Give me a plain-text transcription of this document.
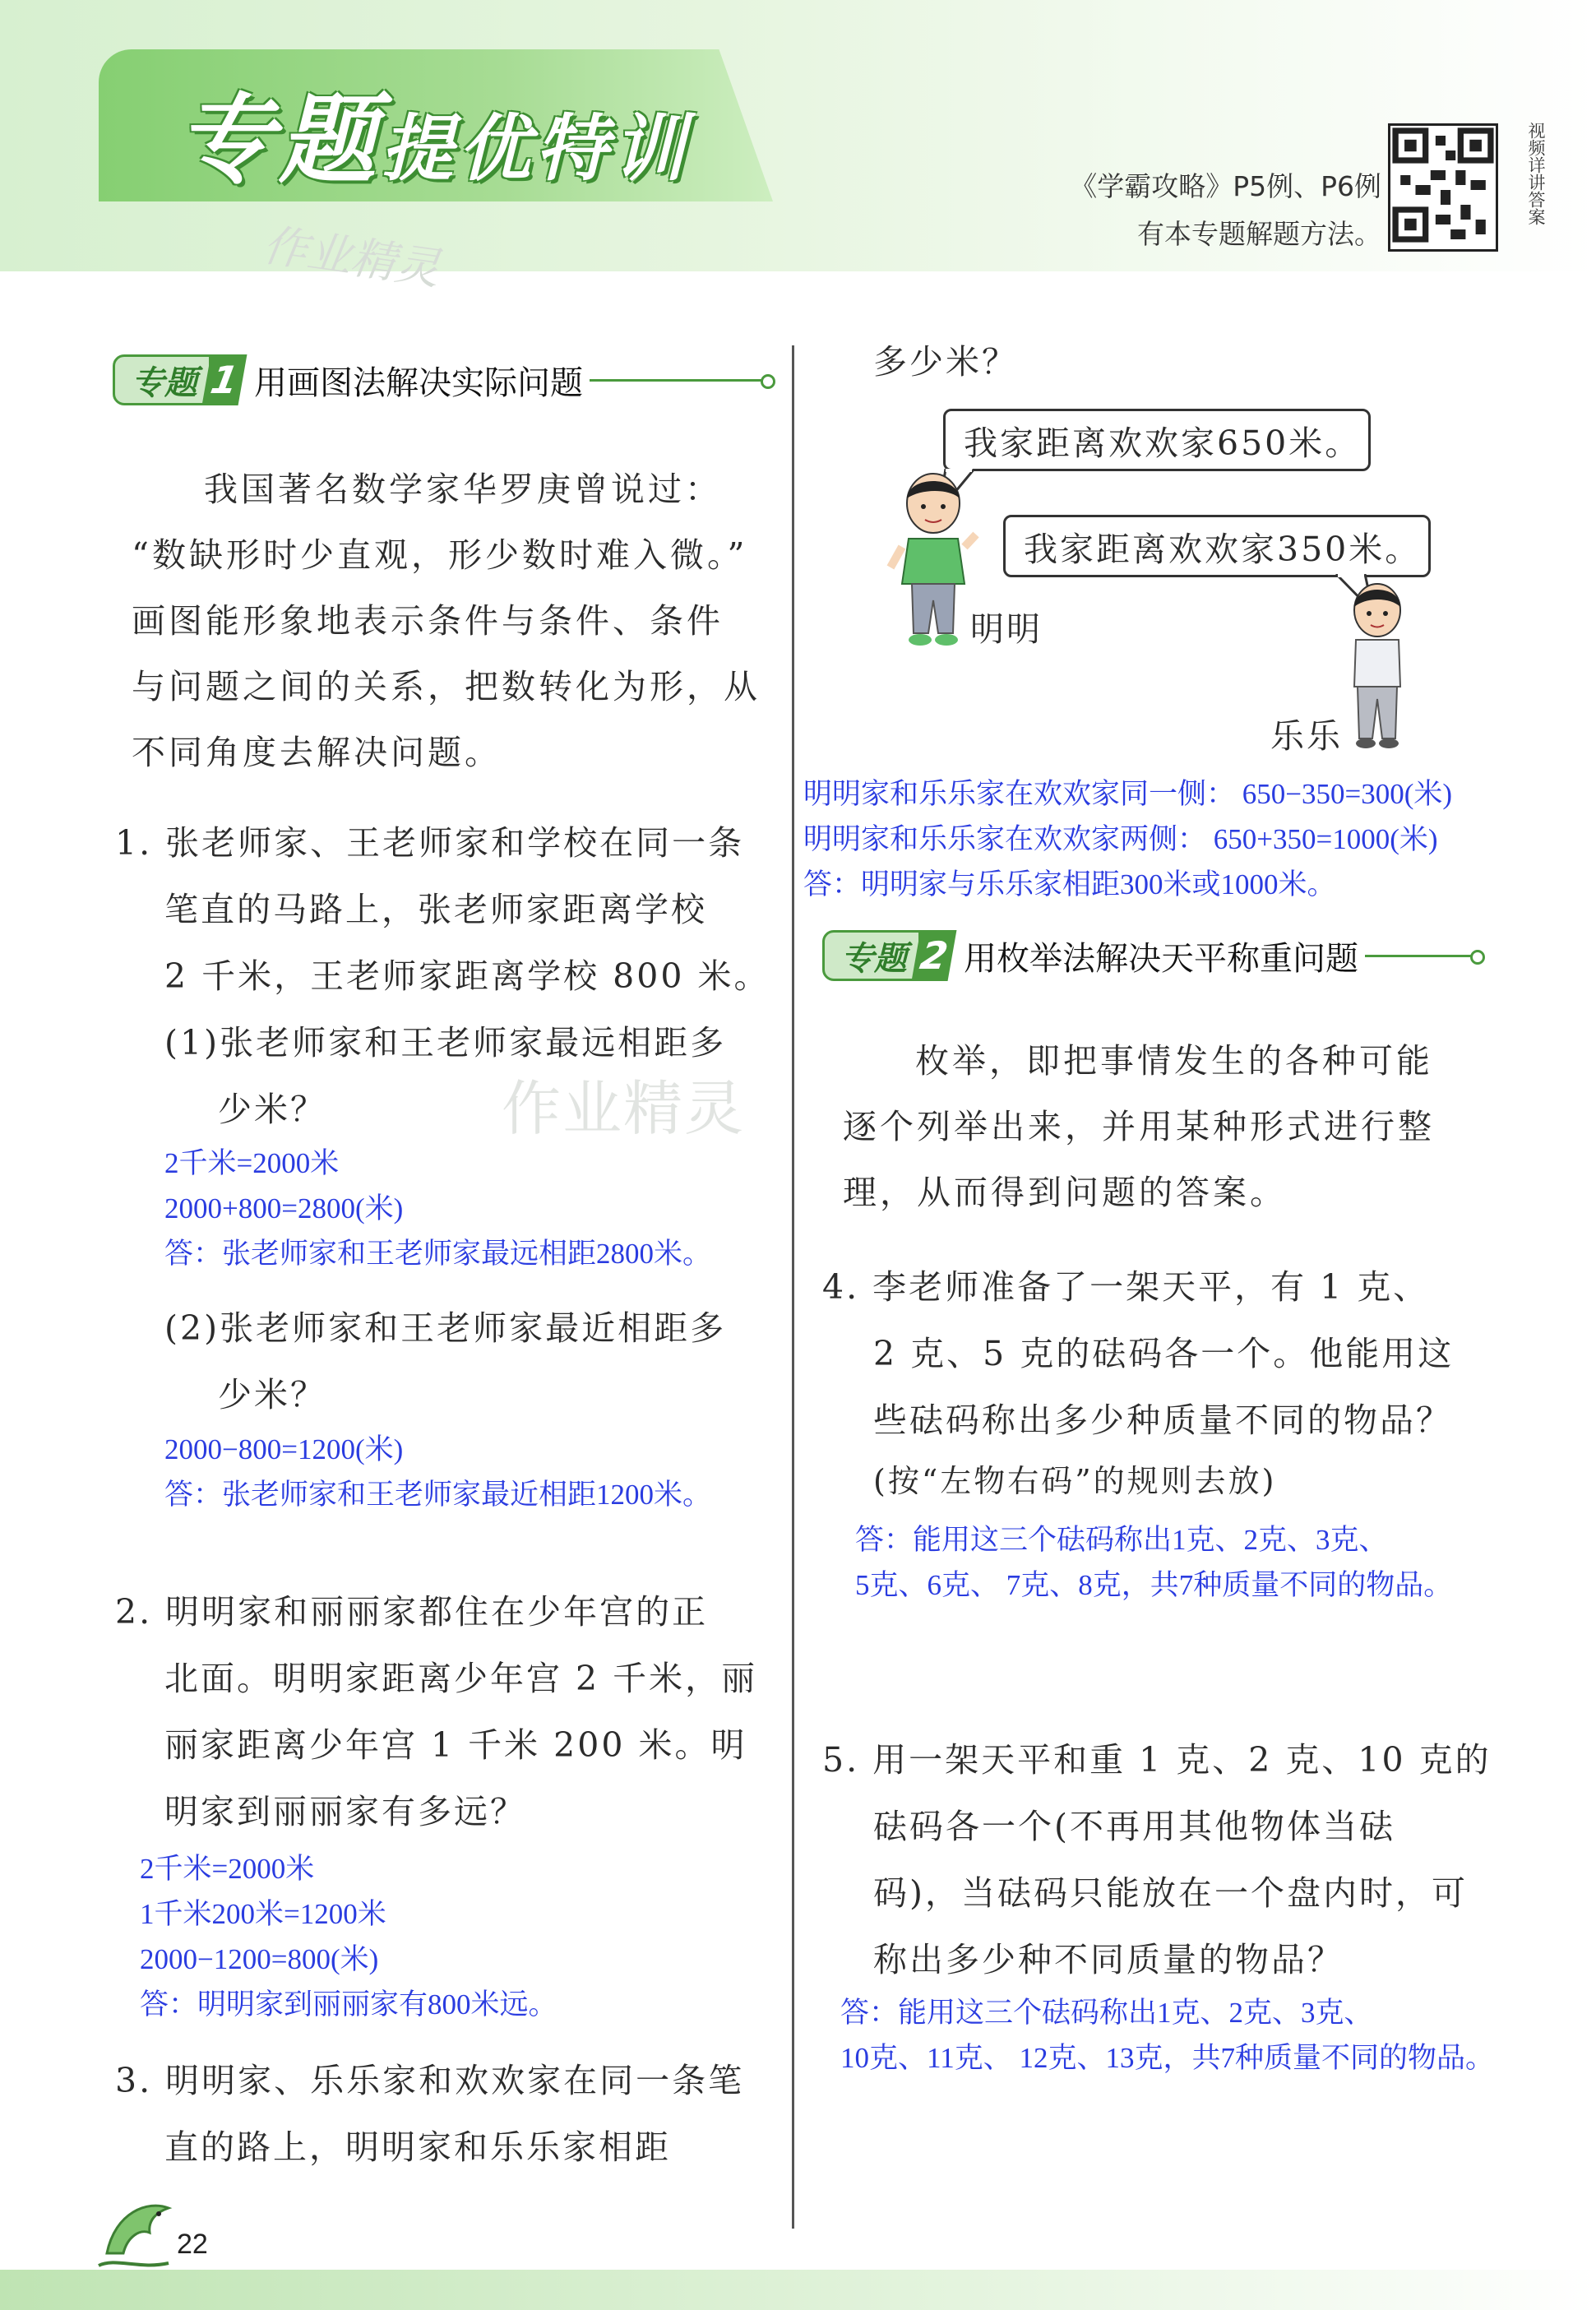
专题提优特训
作业精灵
《学霸攻略》P5例、P6例
有本专题解题方法。
视频详讲答案
专题 1 用画图法解决实际问题
我国著名数学家华罗庚曾说过：
“数缺形时少直观，形少数时难入微。”
画图能形象地表示条件与条件、条件
与问题之间的关系，把数转化为形，从
不同角度去解决问题。
1. 张老师家、王老师家和学校在同一条
笔直的马路上，张老师家距离学校
2 千米，王老师家距离学校 800 米。
(1)张老师家和王老师家最远相距多
少米？
2千米=2000米
2000+800=2800(米)
答：张老师家和王老师家最远相距2800米。
(2)张老师家和王老师家最近相距多
少米？
2000−800=1200(米)
答：张老师家和王老师家最近相距1200米。
作业精灵
2. 明明家和丽丽家都住在少年宫的正
北面。明明家距离少年宫 2 千米，丽
丽家距离少年宫 1 千米 200 米。明
明家到丽丽家有多远？
2千米=2000米
1千米200米=1200米
2000−1200=800(米)
答：明明家到丽丽家有800米远。
3. 明明家、乐乐家和欢欢家在同一条笔
直的路上，明明家和乐乐家相距
22
多少米？
我家距离欢欢家650米。
我家距离欢欢家350米。
明明
乐乐
明明家和乐乐家在欢欢家同一侧： 650−350=300(米)
明明家和乐乐家在欢欢家两侧： 650+350=1000(米)
答：明明家与乐乐家相距300米或1000米。
专题 2 用枚举法解决天平称重问题
枚举，即把事情发生的各种可能
逐个列举出来，并用某种形式进行整
理，从而得到问题的答案。
4. 李老师准备了一架天平，有 1 克、
2 克、5 克的砝码各一个。他能用这
些砝码称出多少种质量不同的物品？
(按“左物右码”的规则去放)
答：能用这三个砝码称出1克、2克、3克、
5克、6克、 7克、8克，共7种质量不同的物品。
5. 用一架天平和重 1 克、2 克、10 克的
砝码各一个(不再用其他物体当砝
码)，当砝码只能放在一个盘内时，可
称出多少种不同质量的物品？
答：能用这三个砝码称出1克、2克、3克、
10克、11克、 12克、13克，共7种质量不同的物品。
